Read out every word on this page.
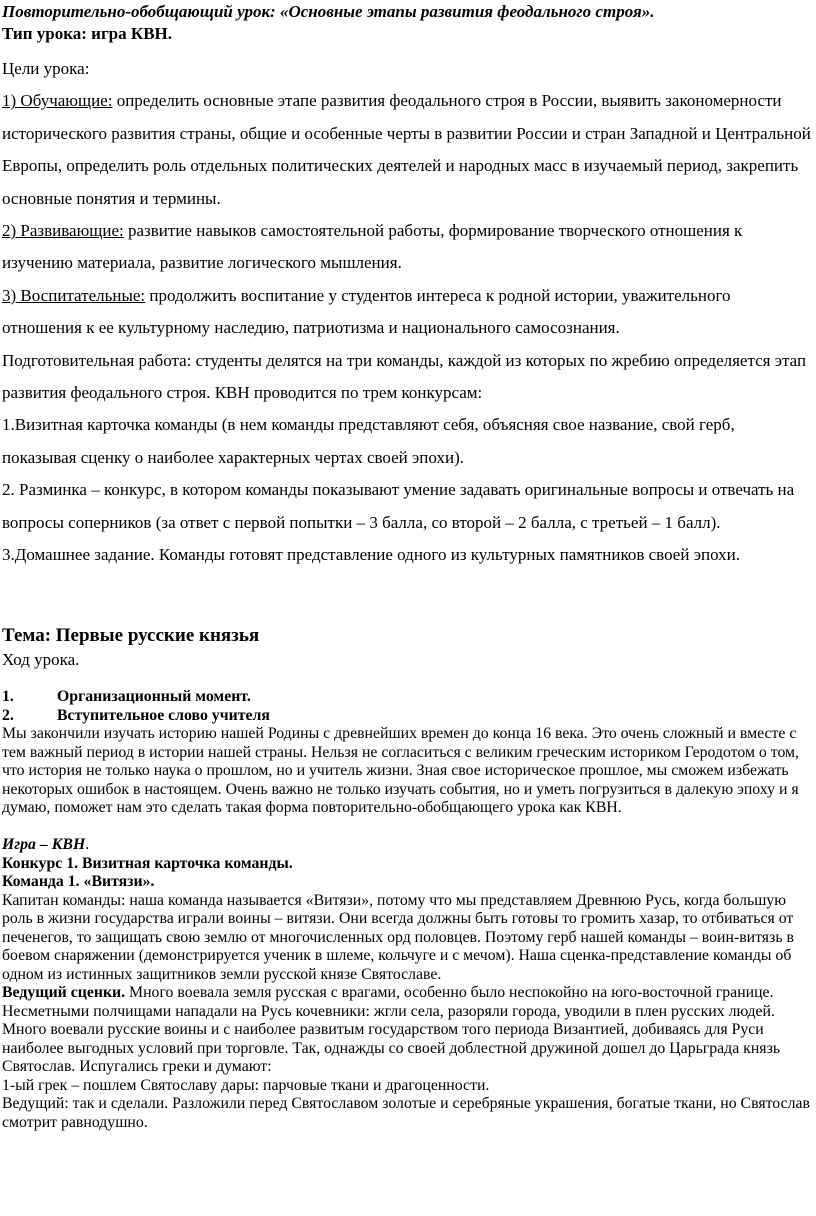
Повторительно-обобщающий урок: «Основные этапы развития феодального строя».
Тип урока: игра КВН.

Цели урока:

1) Обучающие: определить основные этапе развития феодального строя в России, выявить закономерности исторического развития страны, общие и особенные черты в развитии России и стран Западной и Центральной Европы, определить роль отдельных политических деятелей и народных масс в изучаемый период, закрепить основные понятия и термины.

2) Развивающие: развитие навыков самостоятельной работы, формирование творческого отношения к изучению материала, развитие логического мышления.

3) Воспитательные: продолжить воспитание у студентов интереса к родной истории, уважительного отношения к ее культурному наследию, патриотизма и национального самосознания.

Подготовительная работа: студенты делятся на три команды, каждой из которых по жребию определяется этап развития феодального строя. КВН проводится по трем конкурсам:

1.Визитная карточка команды (в нем команды представляют себя, объясняя свое название, свой герб, показывая сценку о наиболее характерных чертах своей эпохи).

2. Разминка – конкурс, в котором команды показывают умение задавать оригинальные вопросы и отвечать на вопросы соперников (за ответ с первой попытки – 3 балла, со второй – 2 балла, с третьей – 1 балл).

3.Домашнее задание. Команды готовят представление одного из культурных памятников своей эпохи.

Тема: Первые русские князья
Ход урока.
1.	Организационный момент.
2.	Вступительное слово учителя

Мы закончили изучать историю нашей Родины с древнейших времен до конца 16 века. Это очень сложный и вместе с тем важный период в истории нашей страны. Нельзя не согласиться с великим греческим историком Геродотом о том, что история не только наука о прошлом, но и учитель жизни. Зная свое историческое прошлое, мы сможем избежать некоторых ошибок в настоящем. Очень важно не только изучать события, но и уметь погрузиться в далекую эпоху и я думаю, поможет нам это сделать такая форма повторительно-обобщающего урока как КВН.

Игра – КВН.

Конкурс 1. Визитная карточка команды.

Команда 1. «Витязи».

Капитан команды: наша команда называется «Витязи», потому что мы представляем Древнюю Русь, когда большую роль в жизни государства играли воины – витязи. Они всегда должны быть готовы то громить хазар, то отбиваться от печенегов, то защищать свою землю от многочисленных орд половцев. Поэтому герб нашей команды – воин-витязь в боевом снаряжении (демонстрируется ученик в шлеме, кольчуге и с мечом). Наша сценка-представление команды об одном из истинных защитников земли русской князе Святославе.

Ведущий сценки. Много воевала земля русская с врагами, особенно было неспокойно на юго-восточной границе. Несметными полчищами нападали на Русь кочевники: жгли села, разоряли города, уводили в плен русских людей. Много воевали русские воины и с наиболее развитым государством того периода Византией, добиваясь для Руси наиболее выгодных условий при торговле. Так, однажды со своей доблестной дружиной дошел до Царьграда князь Святослав. Испугались греки и думают:

1-ый грек – пошлем Святославу дары: парчовые ткани и драгоценности.

Ведущий: так и сделали. Разложили перед Святославом золотые и серебряные украшения, богатые ткани, но Святослав смотрит равнодушно.
